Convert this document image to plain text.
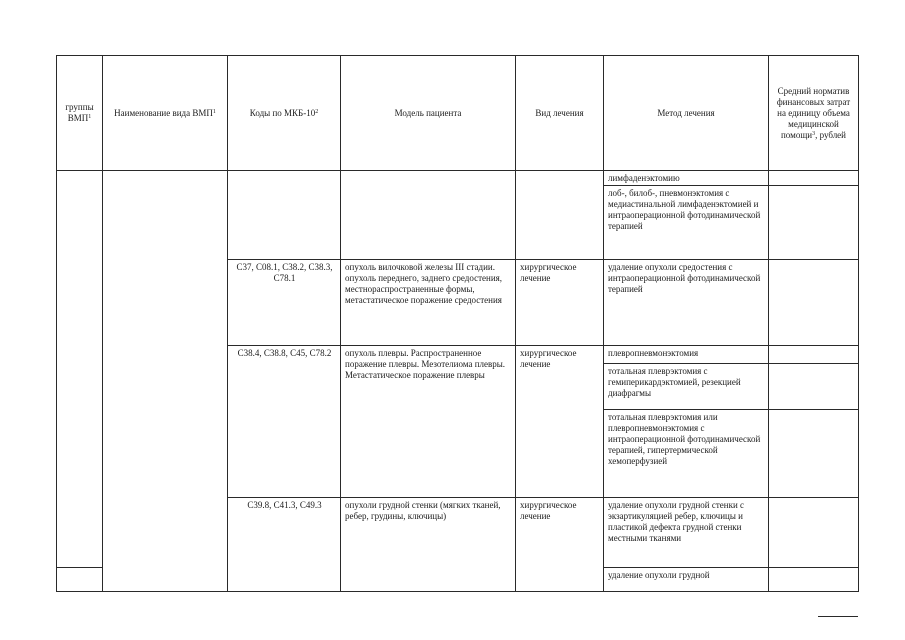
группы ВМП$^1$	Наименование вида ВМП$^1$	Коды по МКБ-$10^2$	Модель пациента	Вид лечения	Метод лечения	Средний норматив финансовых затрат на единицу объема медицинской помощи$^3$, рублей
					лимфаденэктомию	
					лоб-, билоб-, пневмонэктомия с медиастинальной лимфаденэктомией и интраоперационной фотодинамической терапией	
		C37, C08.1, C38.2, C38.3, C78.1	опухоль вилочковой железы III стадии. опухоль переднего, заднего средостения, местнораспространенные формы, метастатическое поражение средостения	хирургическое лечение	удаление опухоли средостения с интраоперационной фотодинамической терапией	
		C38.4, C38.8, C45, C78.2	опухоль плевры. Распространенное поражение плевры. Мезотелиома плевры. Метастатическое поражение плевры	хирургическое лечение	плевропневмонэктомия	
					тотальная плеврэктомия с гемиперикардэктомией, резекцией диафрагмы	
					тотальная плеврэктомия или плевропневмонэктомия с интраоперационной фотодинамической терапией, гипертермической хемоперфузией	
		C39.8, C41.3, C49.3	опухоли грудной стенки (мягких тканей, ребер, грудины, ключицы)	хирургическое лечение	удаление опухоли грудной стенки с экзартикуляцией ребер, ключицы и пластикой дефекта грудной стенки местными тканями	
					удаление опухоли грудной	
